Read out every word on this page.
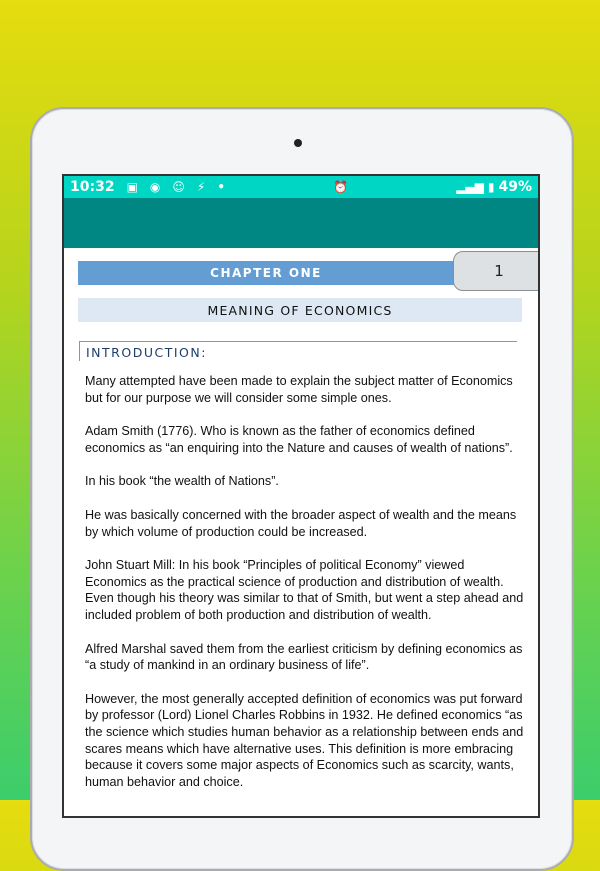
10:32 ▣ ◉ ☺ ⚡ •	⏰	▂▄▆ ▮ 49%
CHAPTER ONE	1
MEANING OF ECONOMICS
INTRODUCTION:

Many attempted have been made to explain the subject matter of Economics but for our purpose we will consider some simple ones.

Adam Smith (1776). Who is known as the father of economics defined economics as “an enquiring into the Nature and causes of wealth of nations”.

In his book “the wealth of Nations”.

He was basically concerned with the broader aspect of wealth and the means by which volume of production could be increased.

John Stuart Mill: In his book “Principles of political Economy” viewed Economics as the practical science of production and distribution of wealth. Even though his theory was similar to that of Smith, but went a step ahead and included problem of both production and distribution of wealth.

Alfred Marshal saved them from the earliest criticism by defining economics as “a study of mankind in an ordinary business of life”.

However, the most generally accepted definition of economics was put forward by professor (Lord) Lionel Charles Robbins in 1932. He defined economics “as the science which studies human behavior as a relationship between ends and scares means which have alternative uses. This definition is more embracing because it covers some major aspects of Economics such as scarcity, wants, human behavior and choice.
